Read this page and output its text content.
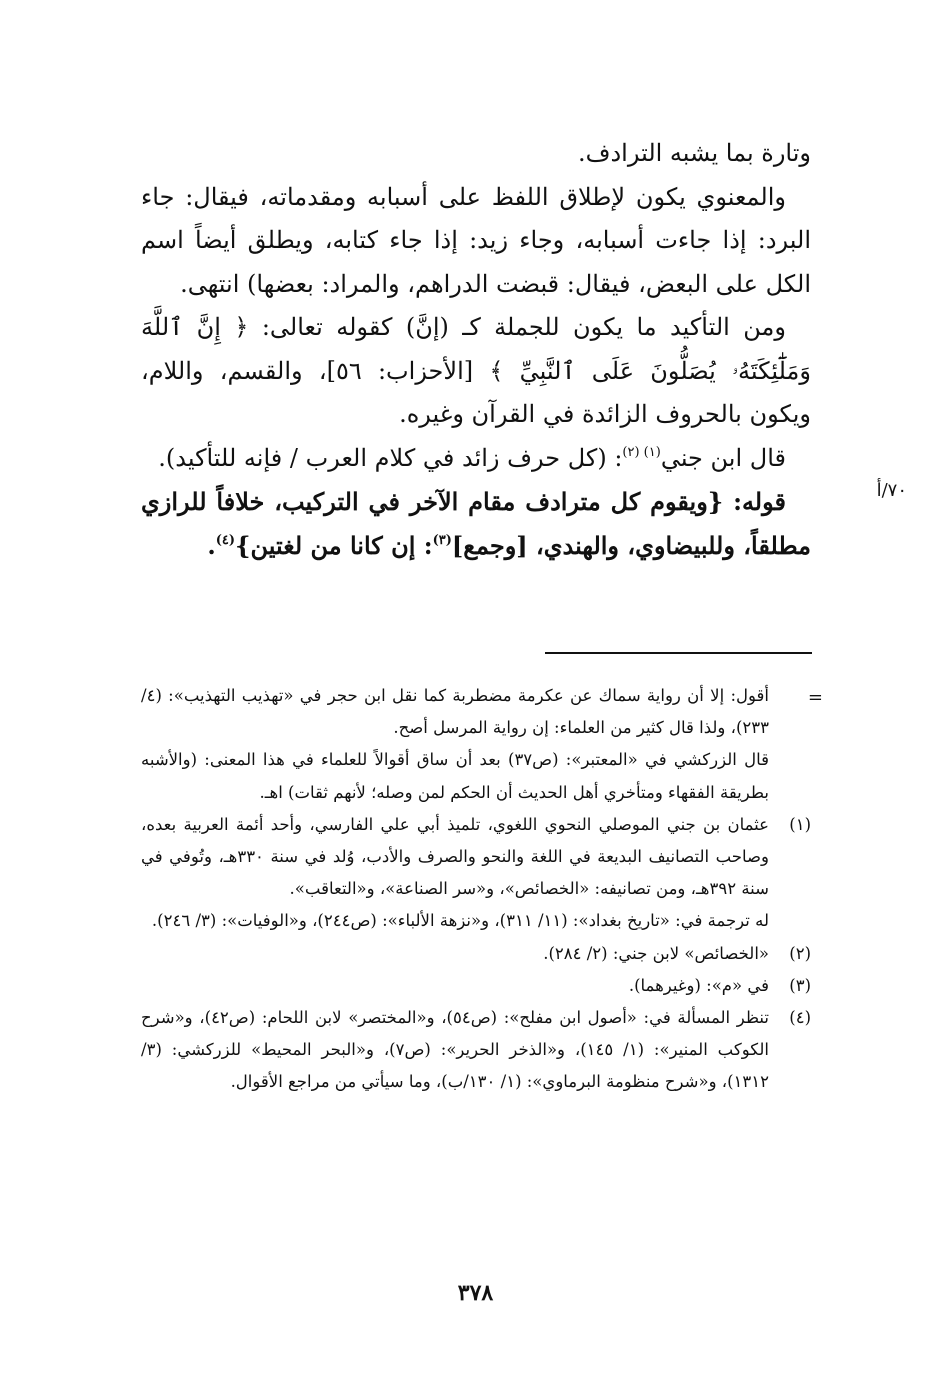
وتارة بما يشبه الترادف.

والمعنوي يكون لإطلاق اللفظ على أسبابه ومقدماته، فيقال: جاء البرد: إذا جاءت أسبابه، وجاء زيد: إذا جاء كتابه، ويطلق أيضاً اسم الكل على البعض، فيقال: قبضت الدراهم، والمراد: بعضها) انتهى.

ومن التأكيد ما يكون للجملة كـ (إنَّ) كقوله تعالى: ﴿ إِنَّ ٱللَّهَ وَمَلَٰٓئِكَتَهُۥ يُصَلُّونَ عَلَى ٱلنَّبِيِّ ﴾ [الأحزاب: ٥٦]، والقسم، واللام، ويكون بالحروف الزائدة في القرآن وغيره.

قال ابن جني$^{(١) (٢)}$: (كل حرف زائد في كلام العرب / فإنه للتأكيد).

قوله: {ويقوم كل مترادف مقام الآخر في التركيب، خلافاً للرازي مطلقاً، وللبيضاوي، والهندي، [وجمع]$^{(٣)}$: إن كانا من لغتين}$^{(٤)}$.

٧٠/أ
=

أقول: إلا أن رواية سماك عن عكرمة مضطربة كما نقل ابن حجر في «تهذيب التهذيب»: (٤/ ٢٣٣)، ولذا قال كثير من العلماء: إن رواية المرسل أصح.

قال الزركشي في «المعتبر»: (ص٣٧) بعد أن ساق أقوالاً للعلماء في هذا المعنى: (والأشبه بطريقة الفقهاء ومتأخري أهل الحديث أن الحكم لمن وصله؛ لأنهم ثقات) اهـ.

(١)

عثمان بن جني الموصلي النحوي اللغوي، تلميذ أبي علي الفارسي، وأحد أئمة العربية بعده، وصاحب التصانيف البديعة في اللغة والنحو والصرف والأدب، وُلد في سنة ٣٣٠هـ، وتُوفي في سنة ٣٩٢هـ، ومن تصانيفه: «الخصائص»، و«سر الصناعة»، و«التعاقب».

له ترجمة في: «تاريخ بغداد»: (١١/ ٣١١)، و«نزهة الألباء»: (ص٢٤٤)، و«الوفيات»: (٣/ ٢٤٦).

(٢)

«الخصائص» لابن جني: (٢/ ٢٨٤).

(٣)

في «م»: (وغيرهما).

(٤)

تنظر المسألة في: «أصول ابن مفلح»: (ص٥٤)، و«المختصر» لابن اللحام: (ص٤٢)، و«شرح الكوكب المنير»: (١/ ١٤٥)، و«الذخر الحرير»: (ص٧)، و«البحر المحيط» للزركشي: (٣/ ١٣١٢)، و«شرح منظومة البرماوي»: (١/ ١٣٠/ب)، وما سيأتي من مراجع الأقوال.

٣٧٨
